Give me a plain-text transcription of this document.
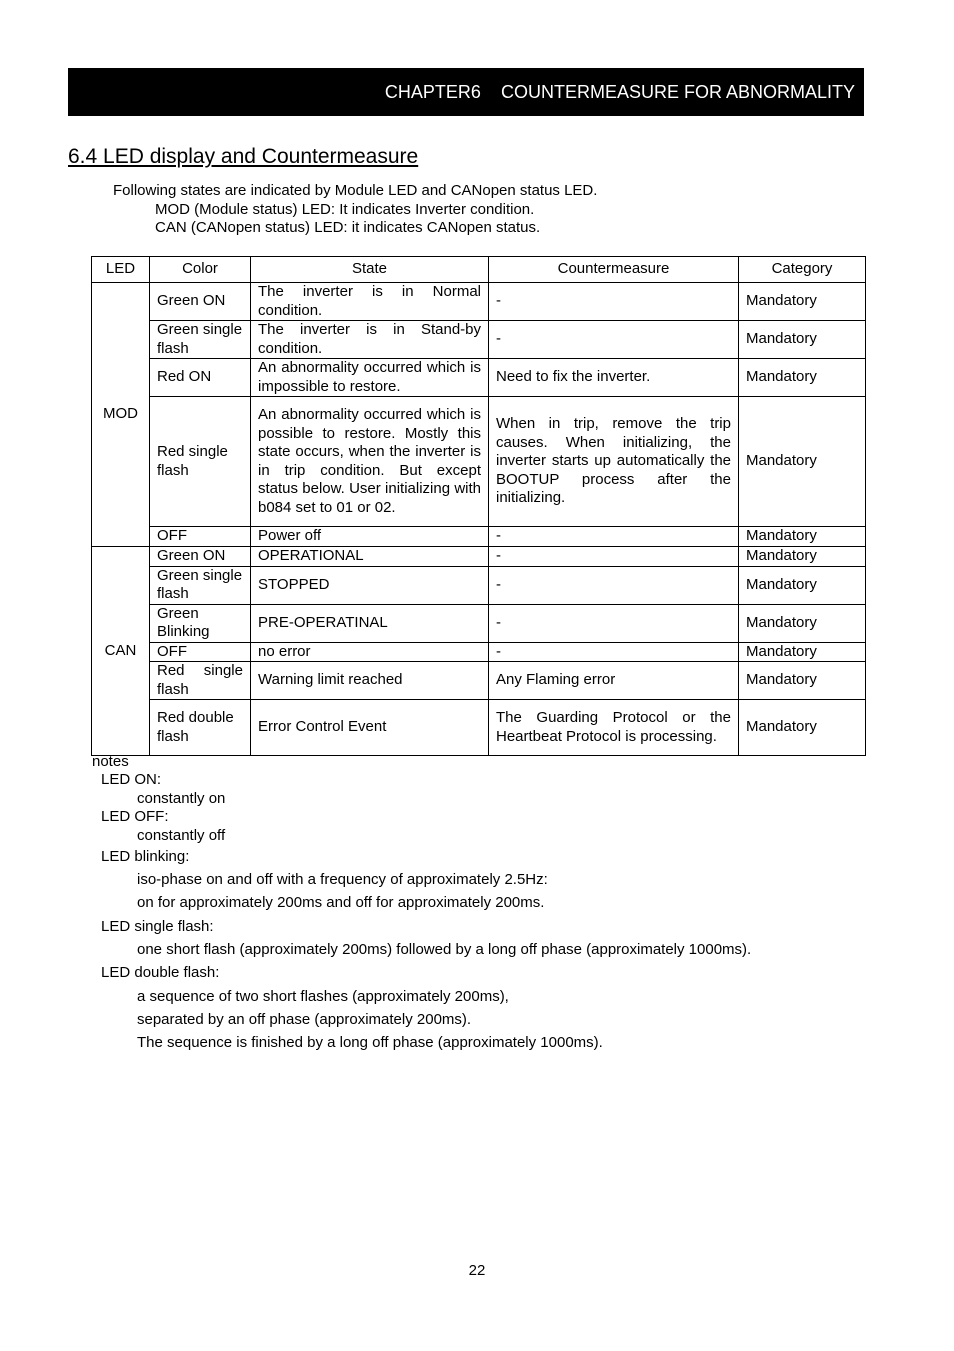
CHAPTER6 COUNTERMEASURE FOR ABNORMALITY
6.4 LED display and Countermeasure
Following states are indicated by Module LED and CANopen status LED.
MOD (Module status) LED: It indicates Inverter condition.
CAN (CANopen status) LED: it indicates CANopen status.
LED	Color	State	Countermeasure	Category
MOD	Green ON	The inverter is in Normal condition.	-	Mandatory
	Green single flash	The inverter is in Stand-by condition.	-	Mandatory
	Red ON	An abnormality occurred which is impossible to restore.	Need to fix the inverter.	Mandatory
	Red single flash	An abnormality occurred which is possible to restore. Mostly this state occurs, when the inverter is in trip condition. But except status below. User initializing with b084 set to 01 or 02.	When in trip, remove the trip causes. When initializing, the inverter starts up automatically the BOOTUP process after the initializing.	Mandatory
	OFF	Power off	-	Mandatory
CAN	Green ON	OPERATIONAL	-	Mandatory
	Green single flash	STOPPED	-	Mandatory
	Green Blinking	PRE-OPERATINAL	-	Mandatory
	OFF	no error	-	Mandatory
	Red single flash	Warning limit reached	Any Flaming error	Mandatory
	Red double flash	Error Control Event	The Guarding Protocol or the Heartbeat Protocol is processing.	Mandatory
notes
LED ON:
constantly on
LED OFF:
constantly off
LED blinking:
iso-phase on and off with a frequency of approximately 2.5Hz:
on for approximately 200ms and off for approximately 200ms.
LED single flash:
one short flash (approximately 200ms) followed by a long off phase (approximately 1000ms).
LED double flash:
a sequence of two short flashes (approximately 200ms),
separated by an off phase (approximately 200ms).
The sequence is finished by a long off phase (approximately 1000ms).
22
